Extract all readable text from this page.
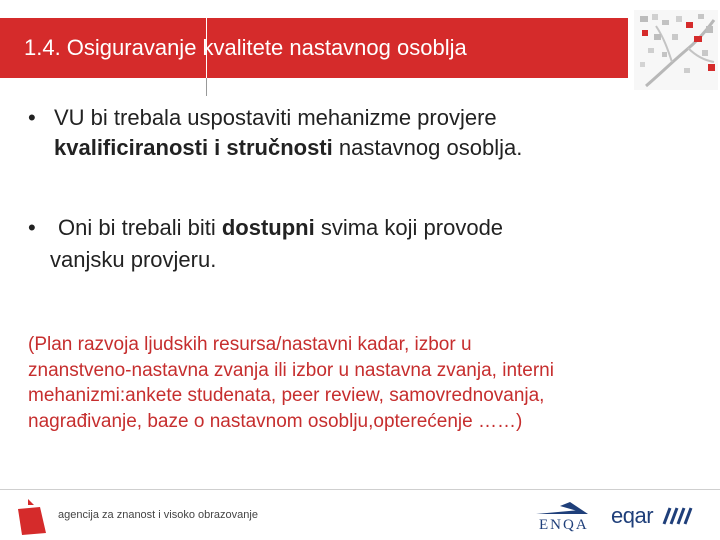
1.4. Osiguravanje kvalitete nastavnog osoblja
• VU bi trebala uspostaviti mehanizme provjere
kvalificiranosti i stručnosti nastavnog osoblja.
• Oni bi trebali biti dostupni svima koji provode
vanjsku provjeru.
(Plan razvoja ljudskih resursa/nastavni kadar, izbor u
znanstveno-nastavna zvanja ili izbor u nastavna zvanja, interni
mehanizmi:ankete studenata, peer review, samovrednovanja,
nagrađivanje, baze o nastavnom osoblju,opterećenje ……)
agencija za znanost i visoko obrazovanje
ENQA eqar
